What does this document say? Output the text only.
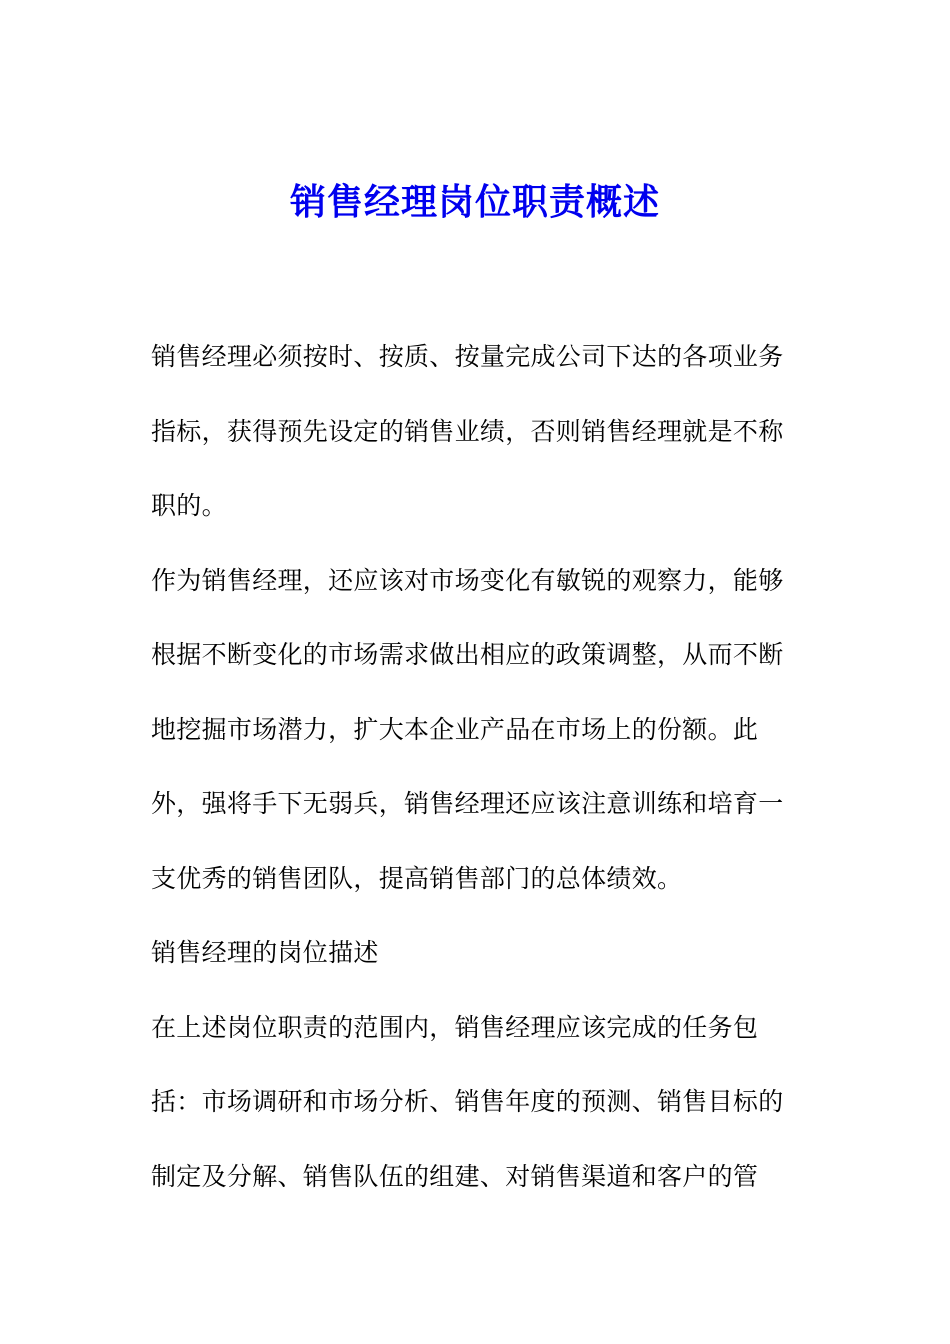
销售经理岗位职责概述
销售经理必须按时、按质、按量完成公司下达的各项业务
指标，获得预先设定的销售业绩，否则销售经理就是不称
职的。
作为销售经理，还应该对市场变化有敏锐的观察力，能够
根据不断变化的市场需求做出相应的政策调整，从而不断
地挖掘市场潜力，扩大本企业产品在市场上的份额。此
外，强将手下无弱兵，销售经理还应该注意训练和培育一
支优秀的销售团队，提高销售部门的总体绩效。
销售经理的岗位描述
在上述岗位职责的范围内，销售经理应该完成的任务包
括：市场调研和市场分析、销售年度的预测、销售目标的
制定及分解、销售队伍的组建、对销售渠道和客户的管
